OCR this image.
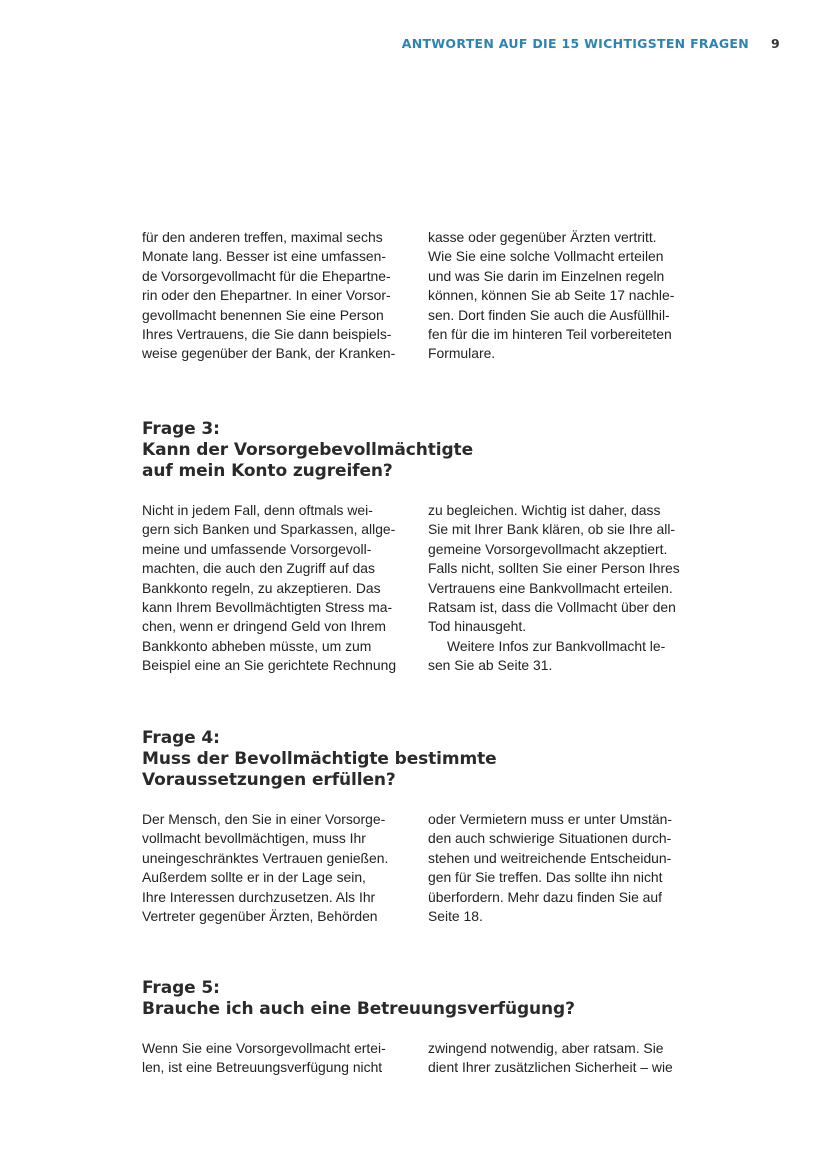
ANTWORTEN AUF DIE 15 WICHTIGSTEN FRAGEN 9
für den anderen treffen, maximal sechs
Monate lang. Besser ist eine umfassen-
de Vorsorgevollmacht für die Ehepartne-
rin oder den Ehepartner. In einer Vorsor-
gevollmacht benennen Sie eine Person
Ihres Vertrauens, die Sie dann beispiels-
weise gegenüber der Bank, der Kranken-
kasse oder gegenüber Ärzten vertritt.
Wie Sie eine solche Vollmacht erteilen
und was Sie darin im Einzelnen regeln
können, können Sie ab Seite 17 nachle-
sen. Dort finden Sie auch die Ausfüllhil-
fen für die im hinteren Teil vorbereiteten
Formulare.
Frage 3:
Kann der Vorsorgebevollmächtigte
auf mein Konto zugreifen?
Nicht in jedem Fall, denn oftmals wei-
gern sich Banken und Sparkassen, allge-
meine und umfassende Vorsorgevoll-
machten, die auch den Zugriff auf das
Bankkonto regeln, zu akzeptieren. Das
kann Ihrem Bevollmächtigten Stress ma-
chen, wenn er dringend Geld von Ihrem
Bankkonto abheben müsste, um zum
Beispiel eine an Sie gerichtete Rechnung
zu begleichen. Wichtig ist daher, dass
Sie mit Ihrer Bank klären, ob sie Ihre all-
gemeine Vorsorgevollmacht akzeptiert.
Falls nicht, sollten Sie einer Person Ihres
Vertrauens eine Bankvollmacht erteilen.
Ratsam ist, dass die Vollmacht über den
Tod hinausgeht.
Weitere Infos zur Bankvollmacht le-
sen Sie ab Seite 31.
Frage 4:
Muss der Bevollmächtigte bestimmte
Voraussetzungen erfüllen?
Der Mensch, den Sie in einer Vorsorge-
vollmacht bevollmächtigen, muss Ihr
uneingeschränktes Vertrauen genießen.
Außerdem sollte er in der Lage sein,
Ihre Interessen durchzusetzen. Als Ihr
Vertreter gegenüber Ärzten, Behörden
oder Vermietern muss er unter Umstän-
den auch schwierige Situationen durch-
stehen und weitreichende Entscheidun-
gen für Sie treffen. Das sollte ihn nicht
überfordern. Mehr dazu finden Sie auf
Seite 18.
Frage 5:
Brauche ich auch eine Betreuungsverfügung?
Wenn Sie eine Vorsorgevollmacht ertei-
len, ist eine Betreuungsverfügung nicht
zwingend notwendig, aber ratsam. Sie
dient Ihrer zusätzlichen Sicherheit – wie
